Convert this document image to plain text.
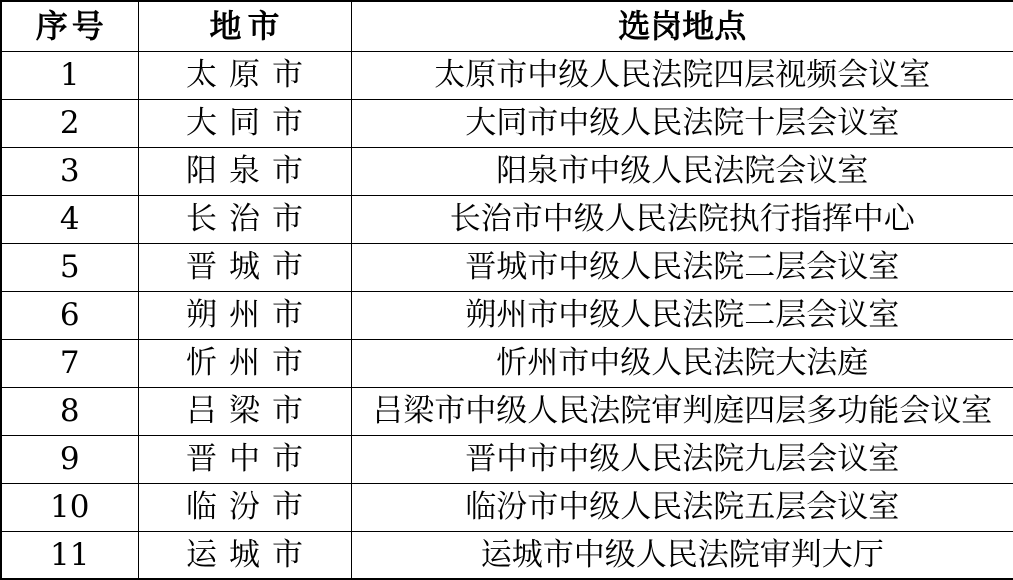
序号	地市	选岗地点
1	太原市	太原市中级人民法院四层视频会议室
2	大同市	大同市中级人民法院十层会议室
3	阳泉市	阳泉市中级人民法院会议室
4	长治市	长治市中级人民法院执行指挥中心
5	晋城市	晋城市中级人民法院二层会议室
6	朔州市	朔州市中级人民法院二层会议室
7	忻州市	忻州市中级人民法院大法庭
8	吕梁市	吕梁市中级人民法院审判庭四层多功能会议室
9	晋中市	晋中市中级人民法院九层会议室
10	临汾市	临汾市中级人民法院五层会议室
11	运城市	运城市中级人民法院审判大厅
